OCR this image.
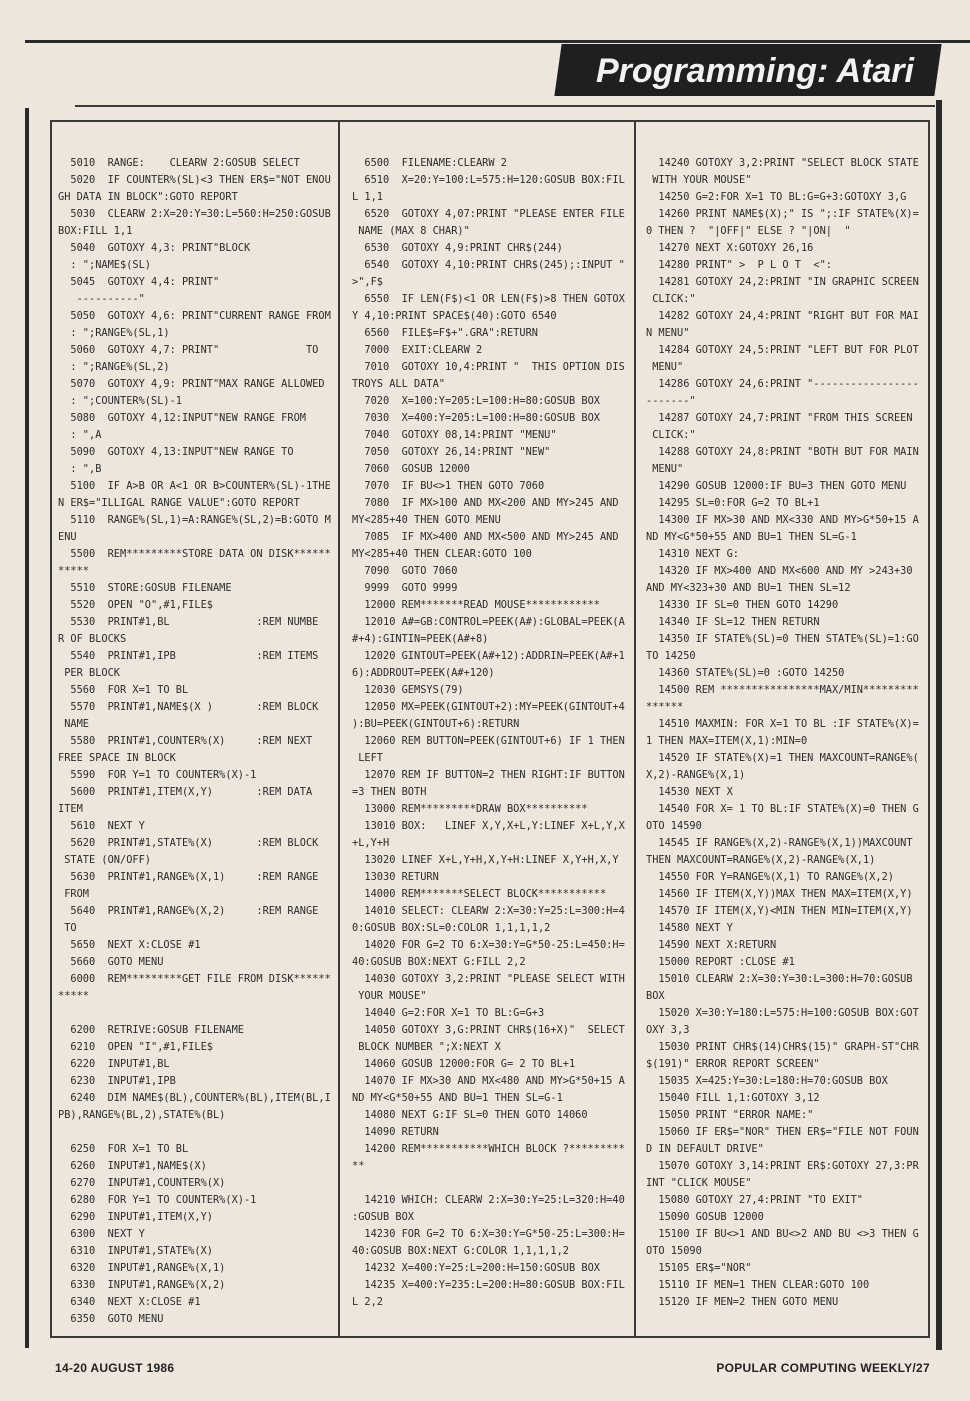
Programming: Atari
5010  RANGE:    CLEARW 2:GOSUB SELECT
5020  IF COUNTER%(SL)<3 THEN ER$="NOT ENOU
GH DATA IN BLOCK":GOTO REPORT
5030  CLEARW 2:X=20:Y=30:L=560:H=250:GOSUB
BOX:FILL 1,1
5040  GOTOXY 4,3: PRINT"BLOCK
: ";NAME$(SL)
5045  GOTOXY 4,4: PRINT"
----------"
5050  GOTOXY 4,6: PRINT"CURRENT RANGE FROM
: ";RANGE%(SL,1)
5060  GOTOXY 4,7: PRINT"              TO
: ";RANGE%(SL,2)
5070  GOTOXY 4,9: PRINT"MAX RANGE ALLOWED
: ";COUNTER%(SL)-1
5080  GOTOXY 4,12:INPUT"NEW RANGE FROM
: ",A
5090  GOTOXY 4,13:INPUT"NEW RANGE TO
: ",B
5100  IF A>B OR A<1 OR B>COUNTER%(SL)-1THE
N ER$="ILLIGAL RANGE VALUE":GOTO REPORT
5110  RANGE%(SL,1)=A:RANGE%(SL,2)=B:GOTO M
ENU
5500  REM*********STORE DATA ON DISK******
*****
5510  STORE:GOSUB FILENAME
5520  OPEN "O",#1,FILE$
5530  PRINT#1,BL              :REM NUMBE
R OF BLOCKS
5540  PRINT#1,IPB             :REM ITEMS
PER BLOCK
5560  FOR X=1 TO BL
5570  PRINT#1,NAME$(X )       :REM BLOCK
NAME
5580  PRINT#1,COUNTER%(X)     :REM NEXT
FREE SPACE IN BLOCK
5590  FOR Y=1 TO COUNTER%(X)-1
5600  PRINT#1,ITEM(X,Y)       :REM DATA
ITEM
5610  NEXT Y
5620  PRINT#1,STATE%(X)       :REM BLOCK
STATE (ON/OFF)
5630  PRINT#1,RANGE%(X,1)     :REM RANGE
FROM
5640  PRINT#1,RANGE%(X,2)     :REM RANGE
TO
5650  NEXT X:CLOSE #1
5660  GOTO MENU
6000  REM*********GET FILE FROM DISK******
*****
6200  RETRIVE:GOSUB FILENAME
6210  OPEN "I",#1,FILE$
6220  INPUT#1,BL
6230  INPUT#1,IPB
6240  DIM NAME$(BL),COUNTER%(BL),ITEM(BL,I
PB),RANGE%(BL,2),STATE%(BL)
6250  FOR X=1 TO BL
6260  INPUT#1,NAME$(X)
6270  INPUT#1,COUNTER%(X)
6280  FOR Y=1 TO COUNTER%(X)-1
6290  INPUT#1,ITEM(X,Y)
6300  NEXT Y
6310  INPUT#1,STATE%(X)
6320  INPUT#1,RANGE%(X,1)
6330  INPUT#1,RANGE%(X,2)
6340  NEXT X:CLOSE #1
6350  GOTO MENU
6500  FILENAME:CLEARW 2
6510  X=20:Y=100:L=575:H=120:GOSUB BOX:FIL
L 1,1
6520  GOTOXY 4,07:PRINT "PLEASE ENTER FILE
NAME (MAX 8 CHAR)"
6530  GOTOXY 4,9:PRINT CHR$(244)
6540  GOTOXY 4,10:PRINT CHR$(245);:INPUT "
>",F$
6550  IF LEN(F$)<1 OR LEN(F$)>8 THEN GOTOX
Y 4,10:PRINT SPACE$(40):GOTO 6540
6560  FILE$=F$+".GRA":RETURN
7000  EXIT:CLEARW 2
7010  GOTOXY 10,4:PRINT "  THIS OPTION DIS
TROYS ALL DATA"
7020  X=100:Y=205:L=100:H=80:GOSUB BOX
7030  X=400:Y=205:L=100:H=80:GOSUB BOX
7040  GOTOXY 08,14:PRINT "MENU"
7050  GOTOXY 26,14:PRINT "NEW"
7060  GOSUB 12000
7070  IF BU<>1 THEN GOTO 7060
7080  IF MX>100 AND MX<200 AND MY>245 AND
MY<285+40 THEN GOTO MENU
7085  IF MX>400 AND MX<500 AND MY>245 AND
MY<285+40 THEN CLEAR:GOTO 100
7090  GOTO 7060
9999  GOTO 9999
12000 REM*******READ MOUSE************
12010 A#=GB:CONTROL=PEEK(A#):GLOBAL=PEEK(A
#+4):GINTIN=PEEK(A#+8)
12020 GINTOUT=PEEK(A#+12):ADDRIN=PEEK(A#+1
6):ADDROUT=PEEK(A#+120)
12030 GEMSYS(79)
12050 MX=PEEK(GINTOUT+2):MY=PEEK(GINTOUT+4
):BU=PEEK(GINTOUT+6):RETURN
12060 REM BUTTON=PEEK(GINTOUT+6) IF 1 THEN
LEFT
12070 REM IF BUTTON=2 THEN RIGHT:IF BUTTON
=3 THEN BOTH
13000 REM*********DRAW BOX**********
13010 BOX:   LINEF X,Y,X+L,Y:LINEF X+L,Y,X
+L,Y+H
13020 LINEF X+L,Y+H,X,Y+H:LINEF X,Y+H,X,Y
13030 RETURN
14000 REM*******SELECT BLOCK***********
14010 SELECT: CLEARW 2:X=30:Y=25:L=300:H=4
0:GOSUB BOX:SL=0:COLOR 1,1,1,1,2
14020 FOR G=2 TO 6:X=30:Y=G*50-25:L=450:H=
40:GOSUB BOX:NEXT G:FILL 2,2
14030 GOTOXY 3,2:PRINT "PLEASE SELECT WITH
YOUR MOUSE"
14040 G=2:FOR X=1 TO BL:G=G+3
14050 GOTOXY 3,G:PRINT CHR$(16+X)"  SELECT
BLOCK NUMBER ";X:NEXT X
14060 GOSUB 12000:FOR G= 2 TO BL+1
14070 IF MX>30 AND MX<480 AND MY>G*50+15 A
ND MY<G*50+55 AND BU=1 THEN SL=G-1
14080 NEXT G:IF SL=0 THEN GOTO 14060
14090 RETURN
14200 REM***********WHICH BLOCK ?*********
**
14210 WHICH: CLEARW 2:X=30:Y=25:L=320:H=40
:GOSUB BOX
14230 FOR G=2 TO 6:X=30:Y=G*50-25:L=300:H=
40:GOSUB BOX:NEXT G:COLOR 1,1,1,1,2
14232 X=400:Y=25:L=200:H=150:GOSUB BOX
14235 X=400:Y=235:L=200:H=80:GOSUB BOX:FIL
L 2,2
14240 GOTOXY 3,2:PRINT "SELECT BLOCK STATE
WITH YOUR MOUSE"
14250 G=2:FOR X=1 TO BL:G=G+3:GOTOXY 3,G
14260 PRINT NAME$(X);" IS ";:IF STATE%(X)=
0 THEN ?  "|OFF|" ELSE ? "|ON|  "
14270 NEXT X:GOTOXY 26,16
14280 PRINT" >  P L O T  <":
14281 GOTOXY 24,2:PRINT "IN GRAPHIC SCREEN
CLICK:"
14282 GOTOXY 24,4:PRINT "RIGHT BUT FOR MAI
N MENU"
14284 GOTOXY 24,5:PRINT "LEFT BUT FOR PLOT
MENU"
14286 GOTOXY 24,6:PRINT "-----------------
-------"
14287 GOTOXY 24,7:PRINT "FROM THIS SCREEN
CLICK:"
14288 GOTOXY 24,8:PRINT "BOTH BUT FOR MAIN
MENU"
14290 GOSUB 12000:IF BU=3 THEN GOTO MENU
14295 SL=0:FOR G=2 TO BL+1
14300 IF MX>30 AND MX<330 AND MY>G*50+15 A
ND MY<G*50+55 AND BU=1 THEN SL=G-1
14310 NEXT G:
14320 IF MX>400 AND MX<600 AND MY >243+30
AND MY<323+30 AND BU=1 THEN SL=12
14330 IF SL=0 THEN GOTO 14290
14340 IF SL=12 THEN RETURN
14350 IF STATE%(SL)=0 THEN STATE%(SL)=1:GO
TO 14250
14360 STATE%(SL)=0 :GOTO 14250
14500 REM ****************MAX/MIN*********
******
14510 MAXMIN: FOR X=1 TO BL :IF STATE%(X)=
1 THEN MAX=ITEM(X,1):MIN=0
14520 IF STATE%(X)=1 THEN MAXCOUNT=RANGE%(
X,2)-RANGE%(X,1)
14530 NEXT X
14540 FOR X= 1 TO BL:IF STATE%(X)=0 THEN G
OTO 14590
14545 IF RANGE%(X,2)-RANGE%(X,1))MAXCOUNT
THEN MAXCOUNT=RANGE%(X,2)-RANGE%(X,1)
14550 FOR Y=RANGE%(X,1) TO RANGE%(X,2)
14560 IF ITEM(X,Y))MAX THEN MAX=ITEM(X,Y)
14570 IF ITEM(X,Y)<MIN THEN MIN=ITEM(X,Y)
14580 NEXT Y
14590 NEXT X:RETURN
15000 REPORT :CLOSE #1
15010 CLEARW 2:X=30:Y=30:L=300:H=70:GOSUB
BOX
15020 X=30:Y=180:L=575:H=100:GOSUB BOX:GOT
OXY 3,3
15030 PRINT CHR$(14)CHR$(15)" GRAPH-ST"CHR
$(191)" ERROR REPORT SCREEN"
15035 X=425:Y=30:L=180:H=70:GOSUB BOX
15040 FILL 1,1:GOTOXY 3,12
15050 PRINT "ERROR NAME:"
15060 IF ER$="NOR" THEN ER$="FILE NOT FOUN
D IN DEFAULT DRIVE"
15070 GOTOXY 3,14:PRINT ER$:GOTOXY 27,3:PR
INT "CLICK MOUSE"
15080 GOTOXY 27,4:PRINT "TO EXIT"
15090 GOSUB 12000
15100 IF BU<>1 AND BU<>2 AND BU <>3 THEN G
OTO 15090
15105 ER$="NOR"
15110 IF MEN=1 THEN CLEAR:GOTO 100
15120 IF MEN=2 THEN GOTO MENU
14-20 AUGUST 1986	POPULAR COMPUTING WEEKLY/27
